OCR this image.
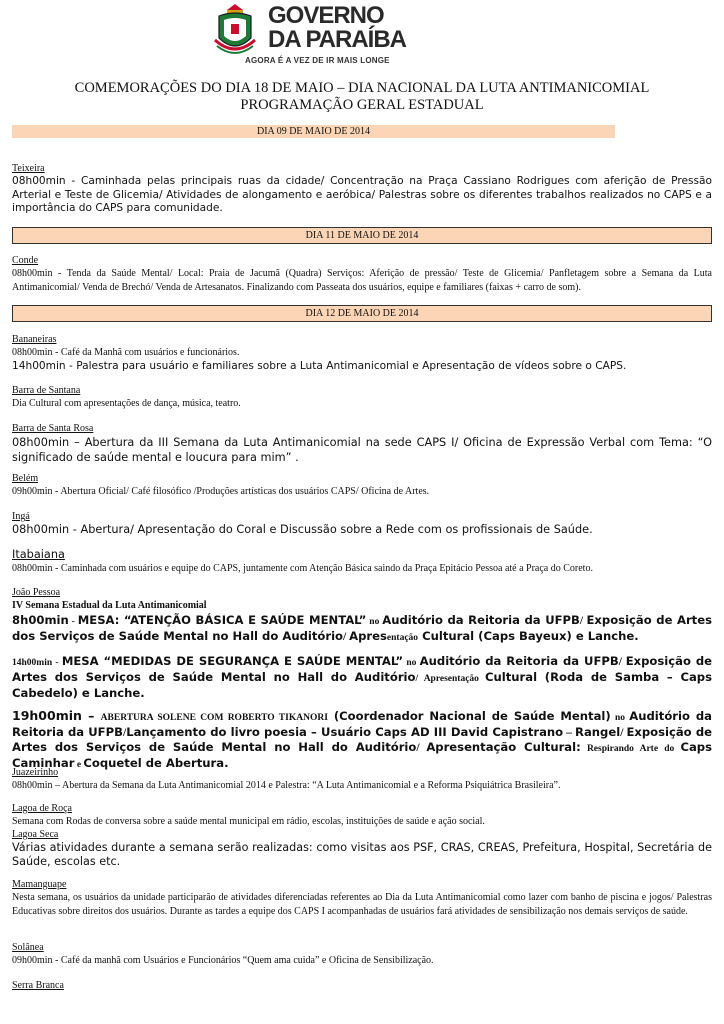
GOVERNO
DA PARAÍBA
AGORA É A VEZ DE IR MAIS LONGE
COMEMORAÇÕES DO DIA 18 DE MAIO – DIA NACIONAL DA LUTA ANTIMANICOMIAL
PROGRAMAÇÃO GERAL ESTADUAL
DIA 09 DE MAIO DE 2014
Teixeira
08h00min - Caminhada pelas principais ruas da cidade/ Concentração na Praça Cassiano Rodrigues com aferição de Pressão Arterial e Teste de Glicemia/ Atividades de alongamento e aeróbica/ Palestras sobre os diferentes trabalhos realizados no CAPS e a importância do CAPS para comunidade.
DIA 11 DE MAIO DE 2014
Conde
08h00min - Tenda da Saúde Mental/ Local: Praia de Jacumã (Quadra) Serviços: Aferição de pressão/ Teste de Glicemia/ Panfletagem sobre a Semana da Luta Antimanicomial/ Venda de Brechó/ Venda de Artesanatos. Finalizando com Passeata dos usuários, equipe e familiares (faixas + carro de som).
DIA 12 DE MAIO DE 2014
Bananeiras
08h00min - Café da Manhã com usuários e funcionários.
14h00min - Palestra para usuário e familiares sobre a Luta Antimanicomial e Apresentação de vídeos sobre o CAPS.
Barra de Santana
Dia Cultural com apresentações de dança, música, teatro.
Barra de Santa Rosa
08h00min – Abertura da III Semana da Luta Antimanicomial na sede CAPS I/ Oficina de Expressão Verbal com Tema: “O significado de saúde mental e loucura para mim” .
Belém
09h00min - Abertura Oficial/ Café filosófico /Produções artísticas dos usuários CAPS/ Oficina de Artes.
Ingá
08h00min - Abertura/ Apresentação do Coral e Discussão sobre a Rede com os profissionais de Saúde.
Itabaiana
08h00min - Caminhada com usuários e equipe do CAPS, juntamente com Atenção Básica saindo da Praça Epitácio Pessoa até a Praça do Coreto.
João Pessoa
IV Semana Estadual da Luta Antimanicomial
8h00min - MESA: “ATENÇÃO BÁSICA E SAÚDE MENTAL” no Auditório da Reitoria da UFPB/ Exposição de Artes dos Serviços de Saúde Mental no Hall do Auditório/ Apresentação Cultural (Caps Bayeux) e Lanche.
14h00min - MESA “MEDIDAS DE SEGURANÇA E SAÚDE MENTAL” no Auditório da Reitoria da UFPB/ Exposição de Artes dos Serviços de Saúde Mental no Hall do Auditório/ Apresentação Cultural (Roda de Samba – Caps Cabedelo) e Lanche.
19h00min – ABERTURA SOLENE COM ROBERTO TIKANORI (Coordenador Nacional de Saúde Mental) no Auditório da Reitoria da UFPB/Lançamento do livro poesia – Usuário Caps AD III David Capistrano – Rangel/ Exposição de Artes dos Serviços de Saúde Mental no Hall do Auditório/ Apresentação Cultural: Respirando Arte do Caps Caminhar e Coquetel de Abertura.
Juazeirinho
08h00min – Abertura da Semana da Luta Antimanicomial 2014 e Palestra: “A Luta Antimanicomial e a Reforma Psiquiátrica Brasileira”.
Lagoa de Roça
Semana com Rodas de conversa sobre a saúde mental municipal em rádio, escolas, instituições de saúde e ação social.
Lagoa Seca
Várias atividades durante a semana serão realizadas: como visitas aos PSF, CRAS, CREAS, Prefeitura, Hospital, Secretária de Saúde, escolas etc.
Mamanguape
Nesta semana, os usuários da unidade participarão de atividades diferenciadas referentes ao Dia da Luta Antimanicomial como lazer com banho de piscina e jogos/ Palestras Educativas sobre direitos dos usuários. Durante as tardes a equipe dos CAPS I acompanhadas de usuários fará atividades de sensibilização nos demais serviços de saúde.
Solânea
09h00min - Café da manhã com Usuários e Funcionários “Quem ama cuida” e Oficina de Sensibilização.
Serra Branca
